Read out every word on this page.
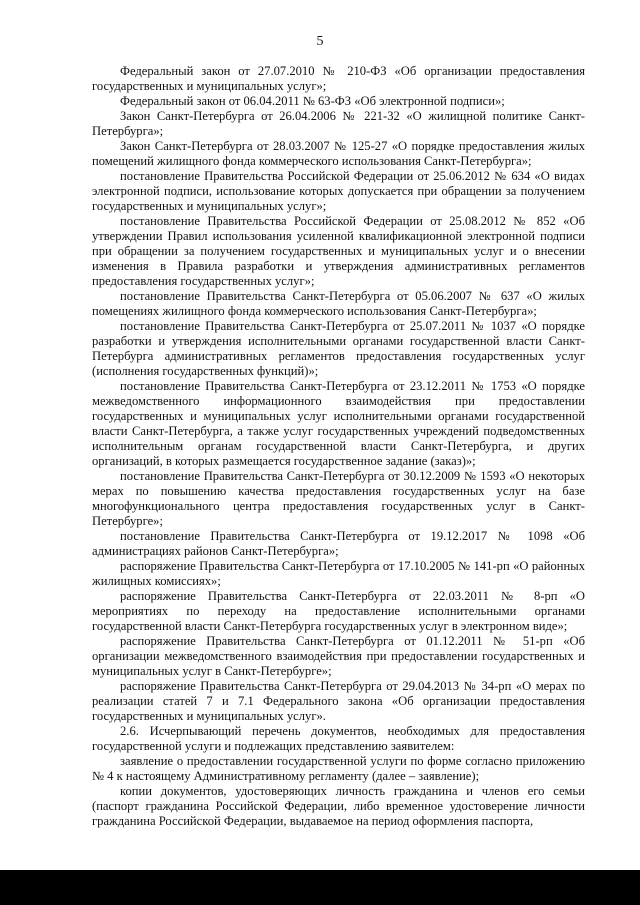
5

Федеральный закон от 27.07.2010 № 210-ФЗ «Об организации предоставления государственных и муниципальных услуг»;

Федеральный закон от 06.04.2011 № 63-ФЗ «Об электронной подписи»;

Закон Санкт-Петербурга от 26.04.2006 № 221-32 «О жилищной политике Санкт-Петербурга»;

Закон Санкт-Петербурга от 28.03.2007 № 125-27 «О порядке предоставления жилых помещений жилищного фонда коммерческого использования Санкт-Петербурга»;

постановление Правительства Российской Федерации от 25.06.2012 № 634 «О видах электронной подписи, использование которых допускается при обращении за получением государственных и муниципальных услуг»;

постановление Правительства Российской Федерации от 25.08.2012 № 852 «Об утверждении Правил использования усиленной квалификационной электронной подписи при обращении за получением государственных и муниципальных услуг и о внесении изменения в Правила разработки и утверждения административных регламентов предоставления государственных услуг»;

постановление Правительства Санкт-Петербурга от 05.06.2007 № 637 «О жилых помещениях жилищного фонда коммерческого использования Санкт-Петербурга»;

постановление Правительства Санкт-Петербурга от 25.07.2011 № 1037 «О порядке разработки и утверждения исполнительными органами государственной власти Санкт-Петербурга административных регламентов предоставления государственных услуг (исполнения государственных функций)»;

постановление Правительства Санкт-Петербурга от 23.12.2011 № 1753 «О порядке межведомственного информационного взаимодействия при предоставлении государственных и муниципальных услуг исполнительными органами государственной власти Санкт-Петербурга, а также услуг государственных учреждений подведомственных исполнительным органам государственной власти Санкт-Петербурга, и других организаций, в которых размещается государственное задание (заказ)»;

постановление Правительства Санкт-Петербурга от 30.12.2009 № 1593 «О некоторых мерах по повышению качества предоставления государственных услуг на базе многофункционального центра предоставления государственных услуг в Санкт-Петербурге»;

постановление Правительства Санкт-Петербурга от 19.12.2017 № 1098 «Об администрациях районов Санкт-Петербурга»;

распоряжение Правительства Санкт-Петербурга от 17.10.2005 № 141-рп «О районных жилищных комиссиях»;

распоряжение Правительства Санкт-Петербурга от 22.03.2011 № 8-рп «О мероприятиях по переходу на предоставление исполнительными органами государственной власти Санкт-Петербурга государственных услуг в электронном виде»;

распоряжение Правительства Санкт-Петербурга от 01.12.2011 № 51-рп «Об организации межведомственного взаимодействия при предоставлении государственных и муниципальных услуг в Санкт-Петербурге»;

распоряжение Правительства Санкт-Петербурга от 29.04.2013 № 34-рп «О мерах по реализации статей 7 и 7.1 Федерального закона «Об организации предоставления государственных и муниципальных услуг».

2.6. Исчерпывающий перечень документов, необходимых для предоставления государственной услуги и подлежащих представлению заявителем:

заявление о предоставлении государственной услуги по форме согласно приложению № 4 к настоящему Административному регламенту (далее – заявление);

копии документов, удостоверяющих личность гражданина и членов его семьи (паспорт гражданина Российской Федерации, либо временное удостоверение личности гражданина Российской Федерации, выдаваемое на период оформления паспорта,
